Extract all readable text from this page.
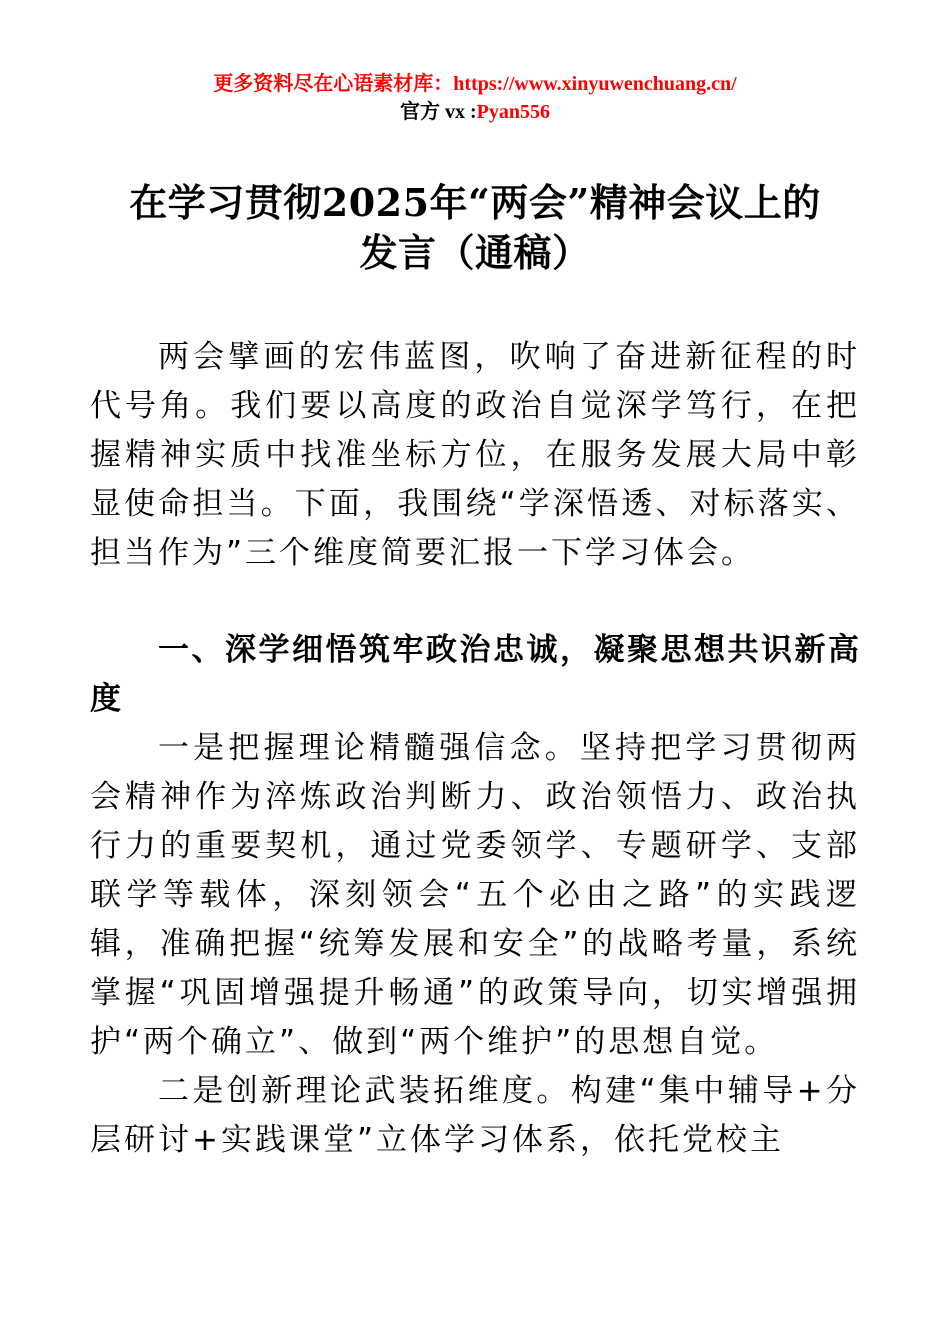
更多资料尽在心语素材库：https://www.xinyuwenchuang.cn/
官方 vx :Pyan556
在学习贯彻2025年“两会”精神会议上的
发言（通稿）

两会擘画的宏伟蓝图，吹响了奋进新征程的时代号角。我们要以高度的政治自觉深学笃行，在把握精神实质中找准坐标方位，在服务发展大局中彰显使命担当。下面，我围绕“学深悟透、对标落实、担当作为”三个维度简要汇报一下学习体会。

一、深学细悟筑牢政治忠诚，凝聚思想共识新高度

一是把握理论精髓强信念。坚持把学习贯彻两会精神作为淬炼政治判断力、政治领悟力、政治执行力的重要契机，通过党委领学、专题研学、支部联学等载体，深刻领会“五个必由之路”的实践逻辑，准确把握“统筹发展和安全”的战略考量，系统掌握“巩固增强提升畅通”的政策导向，切实增强拥护“两个确立”、做到“两个维护”的思想自觉。

二是创新理论武装拓维度。构建“集中辅导+分层研讨+实践课堂”立体学习体系，依托党校主
